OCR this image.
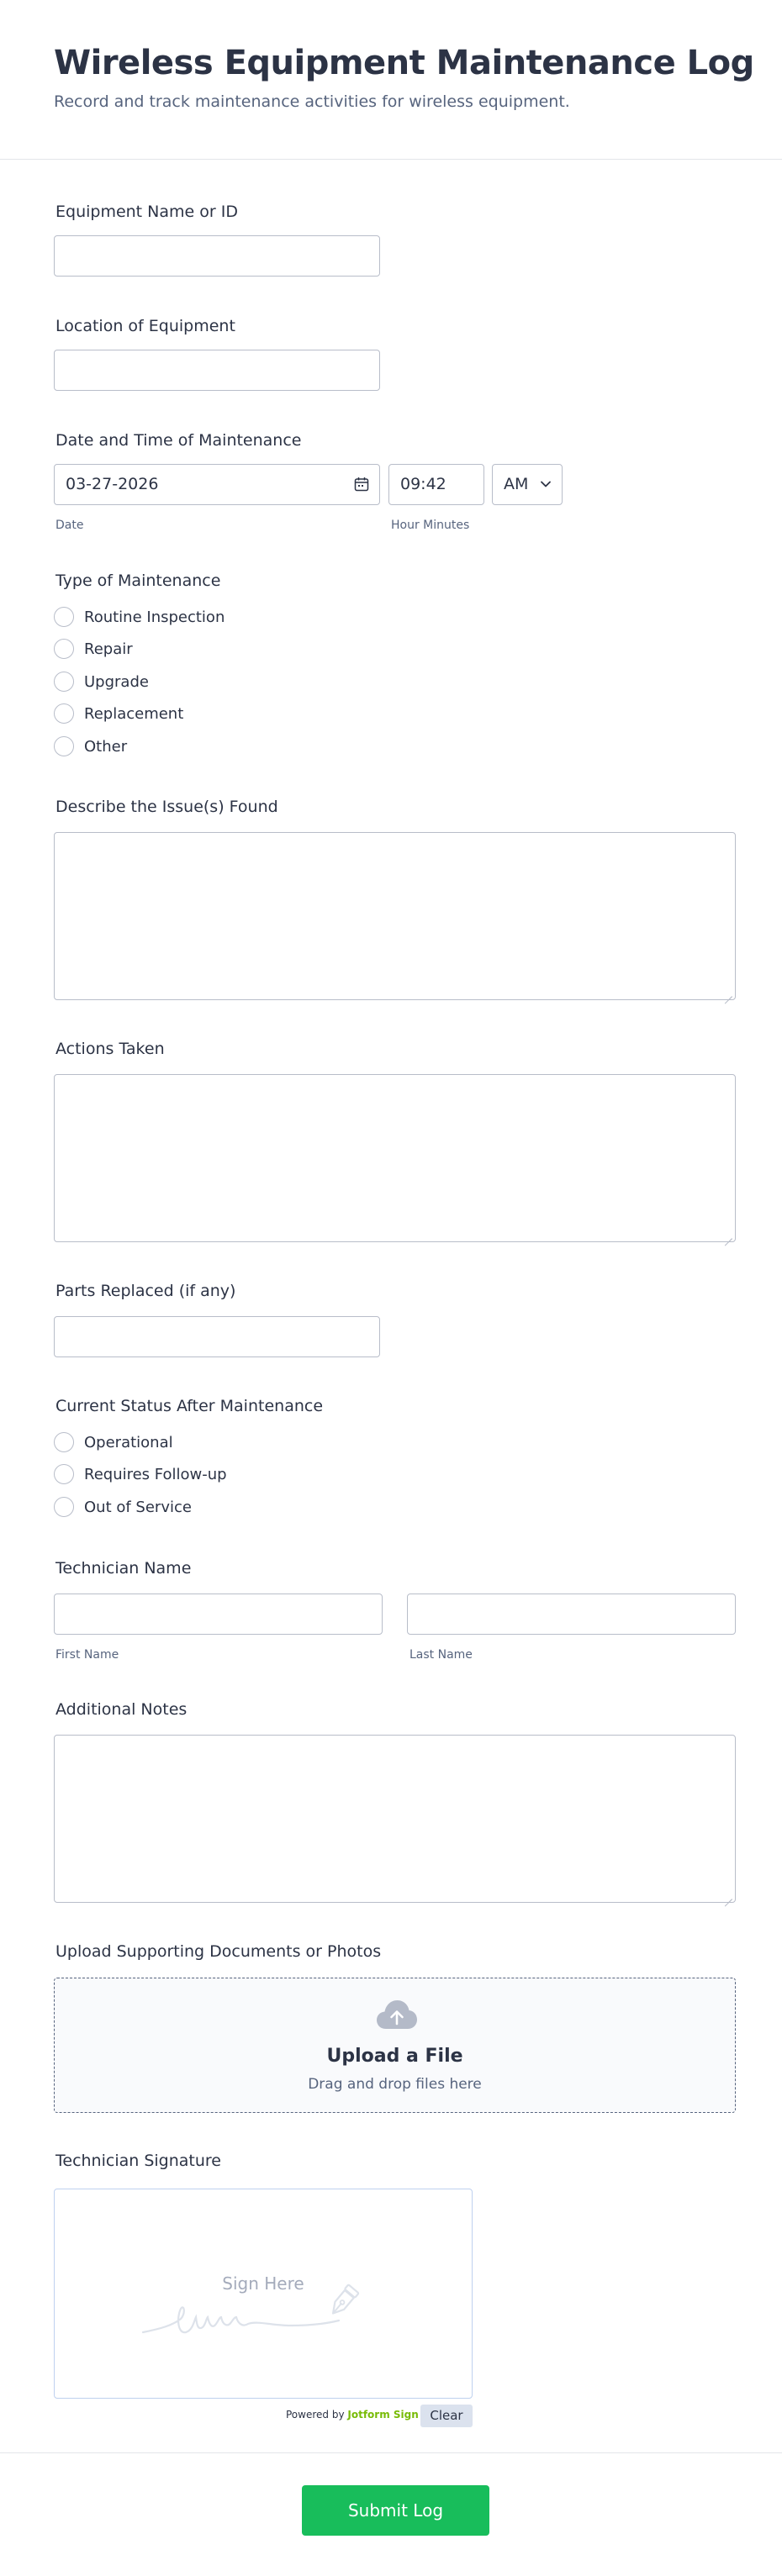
Wireless Equipment Maintenance Log
Record and track maintenance activities for wireless equipment.
Equipment Name or ID
Location of Equipment
Date and Time of Maintenance
03-27-2026	09:42	AM
Date	Hour Minutes
Type of Maintenance
Routine Inspection
Repair
Upgrade
Replacement
Other
Describe the Issue(s) Found
Actions Taken
Parts Replaced (if any)
Current Status After Maintenance
Operational
Requires Follow-up
Out of Service
Technician Name
First Name	Last Name
Additional Notes
Upload Supporting Documents or Photos
Upload a File
Drag and drop files here
Technician Signature
Sign Here
Powered by Jotform Sign Clear
Submit Log
